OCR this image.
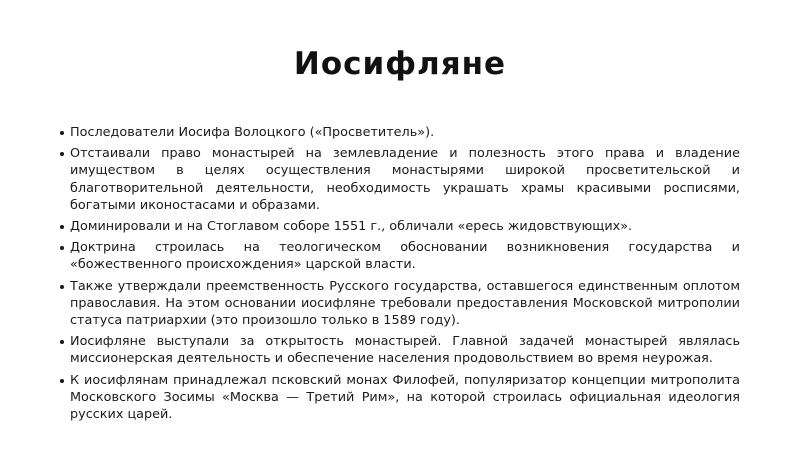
Иосифляне
Последователи Иосифа Волоцкого («Просветитель»).
Отстаивали право монастырей на землевладение и полезность этого права и владение имуществом в целях осуществления монастырями широкой просветительской и благотворительной деятельности, необходимость украшать храмы красивыми росписями, богатыми иконостасами и образами.
Доминировали и на Стоглавом соборе 1551 г., обличали «ересь жидовствующих».
Доктрина строилась на теологическом обосновании возникновения государства и «божественного происхождения» царской власти.
Также утверждали преемственность Русского государства, оставшегося единственным оплотом православия. На этом основании иосифляне требовали предоставления Московской митрополии статуса патриархии (это произошло только в 1589 году).
Иосифляне выступали за открытость монастырей. Главной задачей монастырей являлась миссионерская деятельность и обеспечение населения продовольствием во время неурожая.
К иосифлянам принадлежал псковский монах Филофей, популяризатор концепции митрополита Московского Зосимы «Москва — Третий Рим», на которой строилась официальная идеология русских царей.
